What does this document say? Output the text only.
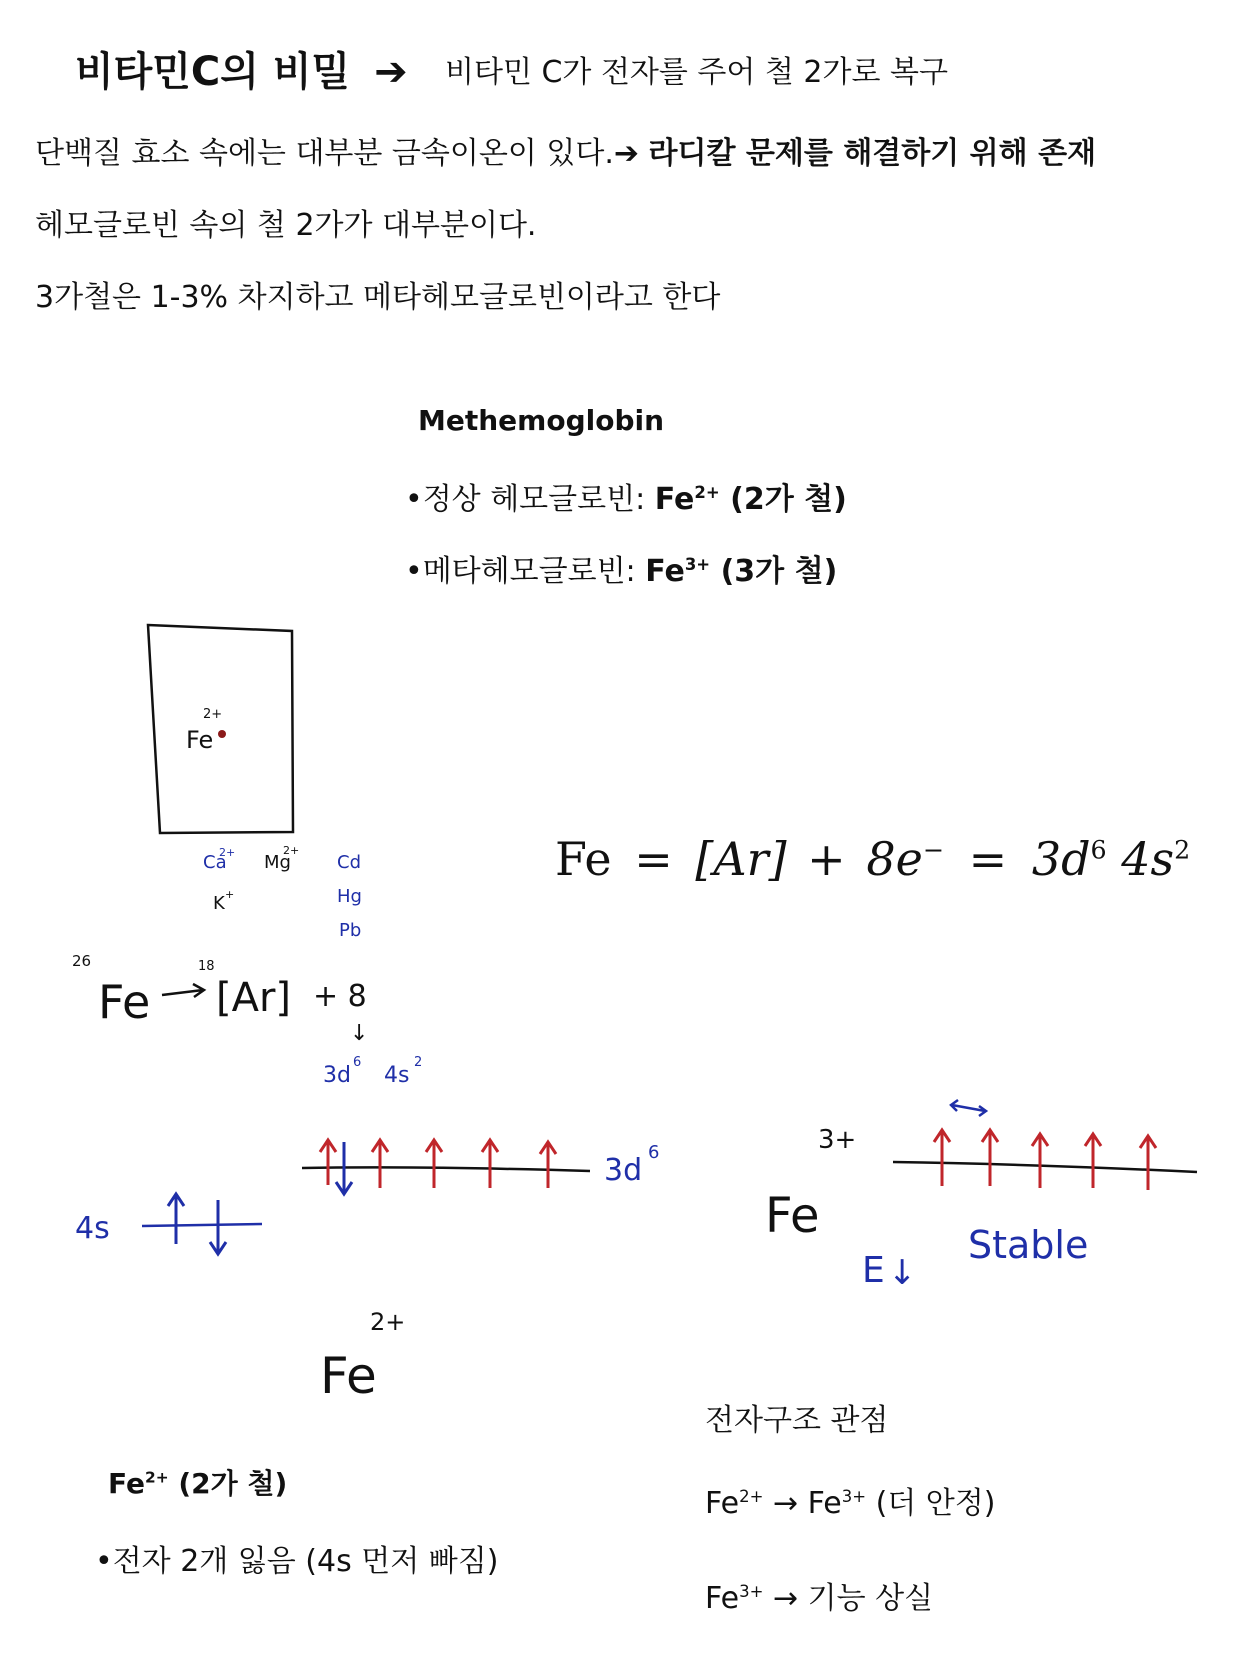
비타민C의 비밀 ➔ 비타민 C가 전자를 주어 철 2가로 복구
단백질 효소 속에는 대부분 금속이온이 있다.➔ 라디칼 문제를 해결하기 위해 존재
헤모글로빈 속의 철 2가가 대부분이다.
3가철은 1-3% 차지하고 메타헤모글로빈이라고 한다
Methemoglobin
•정상 헤모글로빈: $Fe^{2+}$ (2가 철)
•메타헤모글로빈: $Fe^{3+}$ (3가 철)
$Fe = [Ar] + 8e^- = 3d^6$ $4s^2$
Fe
2+
Ca
2+ Mg
2+
K +
Cd
Hg
Pb
26
Fe
18
[Ar] + 8
↓
3d
6
4s
2
3d
6
4s	Fe
3+
E ↓
Stable
Fe
2+
$Fe^{2+}$ (2가 철)
•전자 2개 잃음 (4s 먼저 빠짐)
전자구조 관점
$Fe^{2+} \to Fe^{3+}$ (더 안정)
$Fe^{3+}$ → 기능 상실
